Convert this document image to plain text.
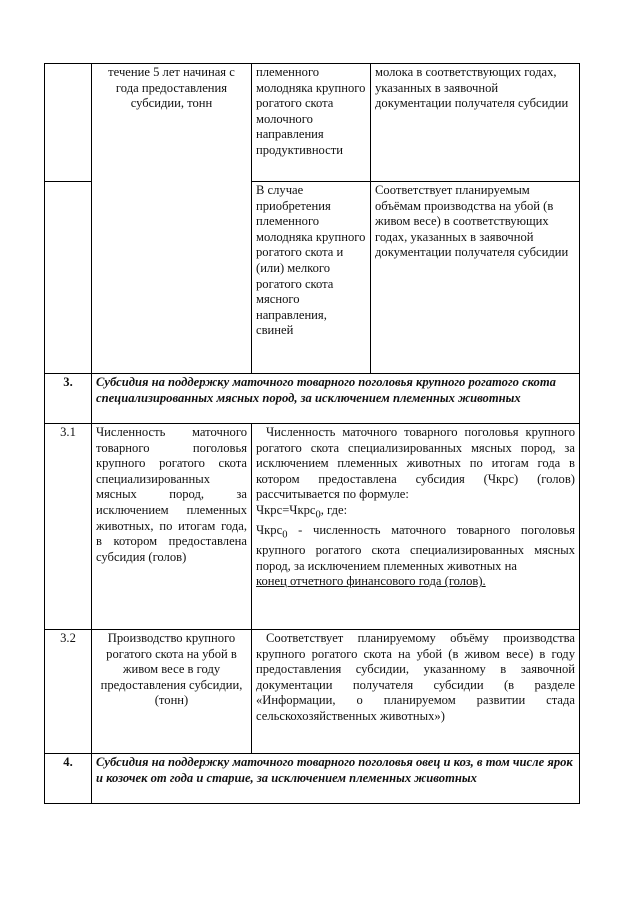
	течение 5 лет начиная с года предоставления субсидии, тонн	племенного молодняка крупного рогатого скота молочного направления продуктивности	молока в соответствующих годах, указанных в заявочной документации получателя субсидии
		В случае приобретения племенного молодняка крупного рогатого скота и (или) мелкого рогатого скота мясного направления, свиней	Соответствует планируемым объёмам производства на убой (в живом весе) в соответствующих годах, указанных в заявочной документации получателя субсидии
3.	Субсидия на поддержку маточного товарного поголовья крупного рогатого скота специализированных мясных пород, за исключением племенных животных		
3.1	Численность маточного товарного поголовья крупного рогатого скота специализированных мясных пород, за исключением племенных животных, по итогам года, в котором предоставлена субсидия (голов)	Численность маточного товарного поголовья крупного рогатого скота специализированных мясных пород, за исключением племенных животных по итогам года в котором предоставлена субсидия (Чкрс) (голов) рассчитывается по формуле:
Чкрс=Чкрс$_0$, где:
Чкрс$_0$ - численность маточного товарного поголовья крупного рогатого скота специализированных мясных пород, за исключением племенных животных на
конец отчетного финансового года (голов).	

3.2	Производство крупного рогатого скота на убой в живом весе в году предоставления субсидии, (тонн)	Соответствует планируемому объёму производства крупного рогатого скота на убой (в живом весе) в году предоставления субсидии, указанному в заявочной документации получателя субсидии (в разделе «Информации, о планируемом развитии стада сельскохозяйственных животных»)	

4.	Субсидия на поддержку маточного товарного поголовья овец и коз, в том числе ярок и козочек от года и старше, за исключением племенных животных		
